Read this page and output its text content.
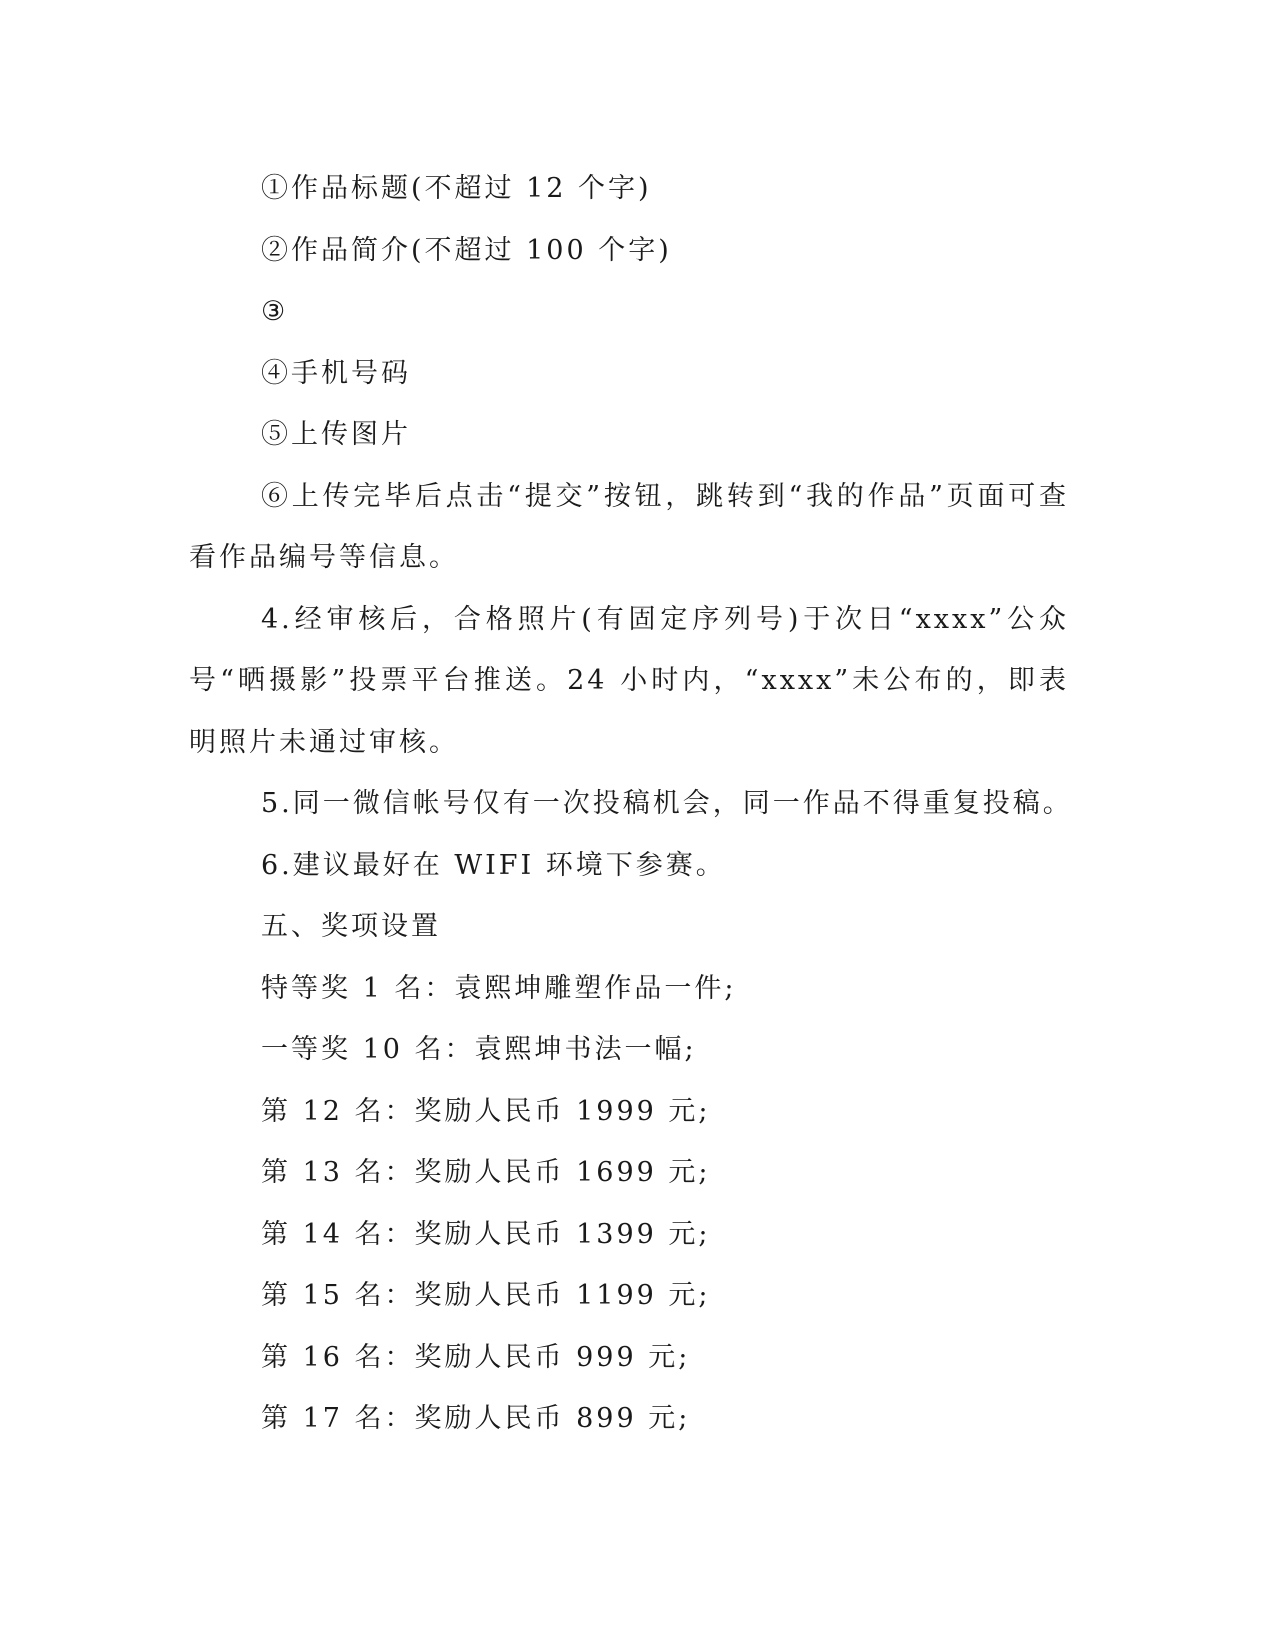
①作品标题(不超过 12 个字)
②作品简介(不超过 100 个字)
③
④手机号码
⑤上传图片
⑥上传完毕后点击“提交”按钮，跳转到“我的作品”页面可查看作品编号等信息。
4.经审核后，合格照片(有固定序列号)于次日“xxxx”公众号“晒摄影”投票平台推送。24 小时内，“xxxx”未公布的，即表明照片未通过审核。
5.同一微信帐号仅有一次投稿机会，同一作品不得重复投稿。
6.建议最好在 WIFI 环境下参赛。
五、奖项设置
特等奖 1 名：袁熙坤雕塑作品一件;
一等奖 10 名：袁熙坤书法一幅;
第 12 名：奖励人民币 1999 元;
第 13 名：奖励人民币 1699 元;
第 14 名：奖励人民币 1399 元;
第 15 名：奖励人民币 1199 元;
第 16 名：奖励人民币 999 元;
第 17 名：奖励人民币 899 元;
